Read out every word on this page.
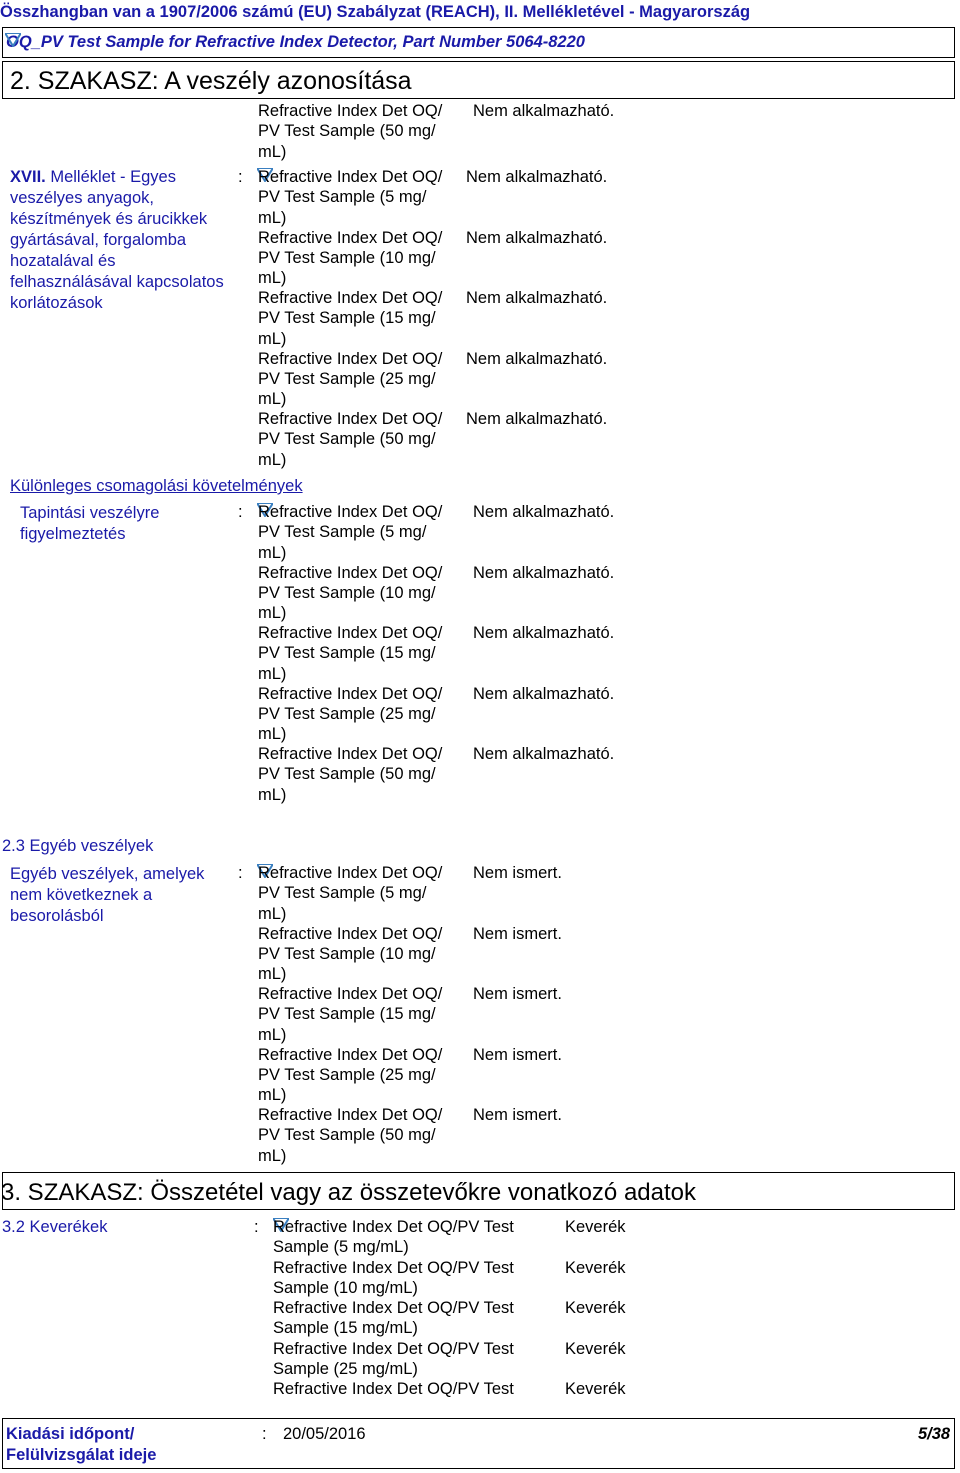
Összhangban van a 1907/2006 számú (EU) Szabályzat (REACH), II. Mellékletével - Magyarország
OQ_PV Test Sample for Refractive Index Detector, Part Number 5064-8220
2. SZAKASZ: A veszély azonosítása
Refractive Index Det OQ/
PV Test Sample (50 mg/
mL)
Nem alkalmazható.
XVII. Melléklet - Egyes veszélyes anyagok, készítmények és árucikkek gyártásával, forgalomba hozatalával és felhasználásával kapcsolatos korlátozások
: Refractive Index Det OQ/
PV Test Sample (5 mg/
mL)
Nem alkalmazható.
Refractive Index Det OQ/
PV Test Sample (10 mg/
mL)
Nem alkalmazható.
Refractive Index Det OQ/
PV Test Sample (15 mg/
mL)
Nem alkalmazható.
Refractive Index Det OQ/
PV Test Sample (25 mg/
mL)
Nem alkalmazható.
Refractive Index Det OQ/
PV Test Sample (50 mg/
mL)
Nem alkalmazható.
Különleges csomagolási követelmények
Tapintási veszélyre figyelmeztetés
: Refractive Index Det OQ/
PV Test Sample (5 mg/
mL)
Nem alkalmazható.
Refractive Index Det OQ/
PV Test Sample (10 mg/
mL)
Nem alkalmazható.
Refractive Index Det OQ/
PV Test Sample (15 mg/
mL)
Nem alkalmazható.
Refractive Index Det OQ/
PV Test Sample (25 mg/
mL)
Nem alkalmazható.
Refractive Index Det OQ/
PV Test Sample (50 mg/
mL)
Nem alkalmazható.
2.3 Egyéb veszélyek
Egyéb veszélyek, amelyek nem következnek a besorolásból
: Refractive Index Det OQ/
PV Test Sample (5 mg/
mL)
Nem ismert.
Refractive Index Det OQ/
PV Test Sample (10 mg/
mL)
Nem ismert.
Refractive Index Det OQ/
PV Test Sample (15 mg/
mL)
Nem ismert.
Refractive Index Det OQ/
PV Test Sample (25 mg/
mL)
Nem ismert.
Refractive Index Det OQ/
PV Test Sample (50 mg/
mL)
Nem ismert.
3. SZAKASZ: Összetétel vagy az összetevőkre vonatkozó adatok
3.2 Keverékek	: Refractive Index Det OQ/PV Test
Sample (5 mg/mL)
Keverék
Refractive Index Det OQ/PV Test
Sample (10 mg/mL)
Keverék
Refractive Index Det OQ/PV Test
Sample (15 mg/mL)
Keverék
Refractive Index Det OQ/PV Test
Sample (25 mg/mL)
Keverék
Refractive Index Det OQ/PV Test	Keverék
Kiadási időpont/
Felülvizsgálat ideje
: 20/05/2016	5/38
